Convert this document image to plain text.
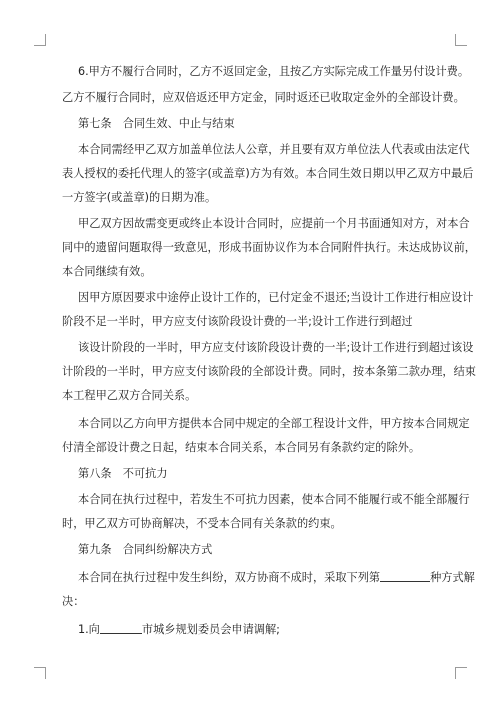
6.甲方不履行合同时，乙方不返回定金，且按乙方实际完成工作量另付设计费。

乙方不履行合同时，应双倍返还甲方定金，同时返还已收取定金外的全部设计费。

第七条　合同生效、中止与结束

本合同需经甲乙双方加盖单位法人公章，并且要有双方单位法人代表或由法定代

表人授权的委托代理人的签字(或盖章)方为有效。本合同生效日期以甲乙双方中最后

一方签字(或盖章)的日期为准。

甲乙双方因故需变更或终止本设计合同时，应提前一个月书面通知对方，对本合

同中的遗留问题取得一致意见，形成书面协议作为本合同附件执行。未达成协议前，

本合同继续有效。

因甲方原因要求中途停止设计工作的，已付定金不退还;当设计工作进行相应设计

阶段不足一半时，甲方应支付该阶段设计费的一半;设计工作进行到超过

该设计阶段的一半时，甲方应支付该阶段设计费的一半;设计工作进行到超过该设

计阶段的一半时，甲方应支付该阶段的全部设计费。同时，按本条第二款办理，结束

本工程甲乙双方合同关系。

本合同以乙方向甲方提供本合同中规定的全部工程设计文件，甲方按本合同规定

付清全部设计费之日起，结束本合同关系，本合同另有条款约定的除外。

第八条　不可抗力

本合同在执行过程中，若发生不可抗力因素，使本合同不能履行或不能全部履行

时，甲乙双方可协商解决，不受本合同有关条款的约束。

第九条　合同纠纷解决方式

本合同在执行过程中发生纠纷，双方协商不成时，采取下列第	种方式解

决：

1.向	市城乡规划委员会申请调解;
